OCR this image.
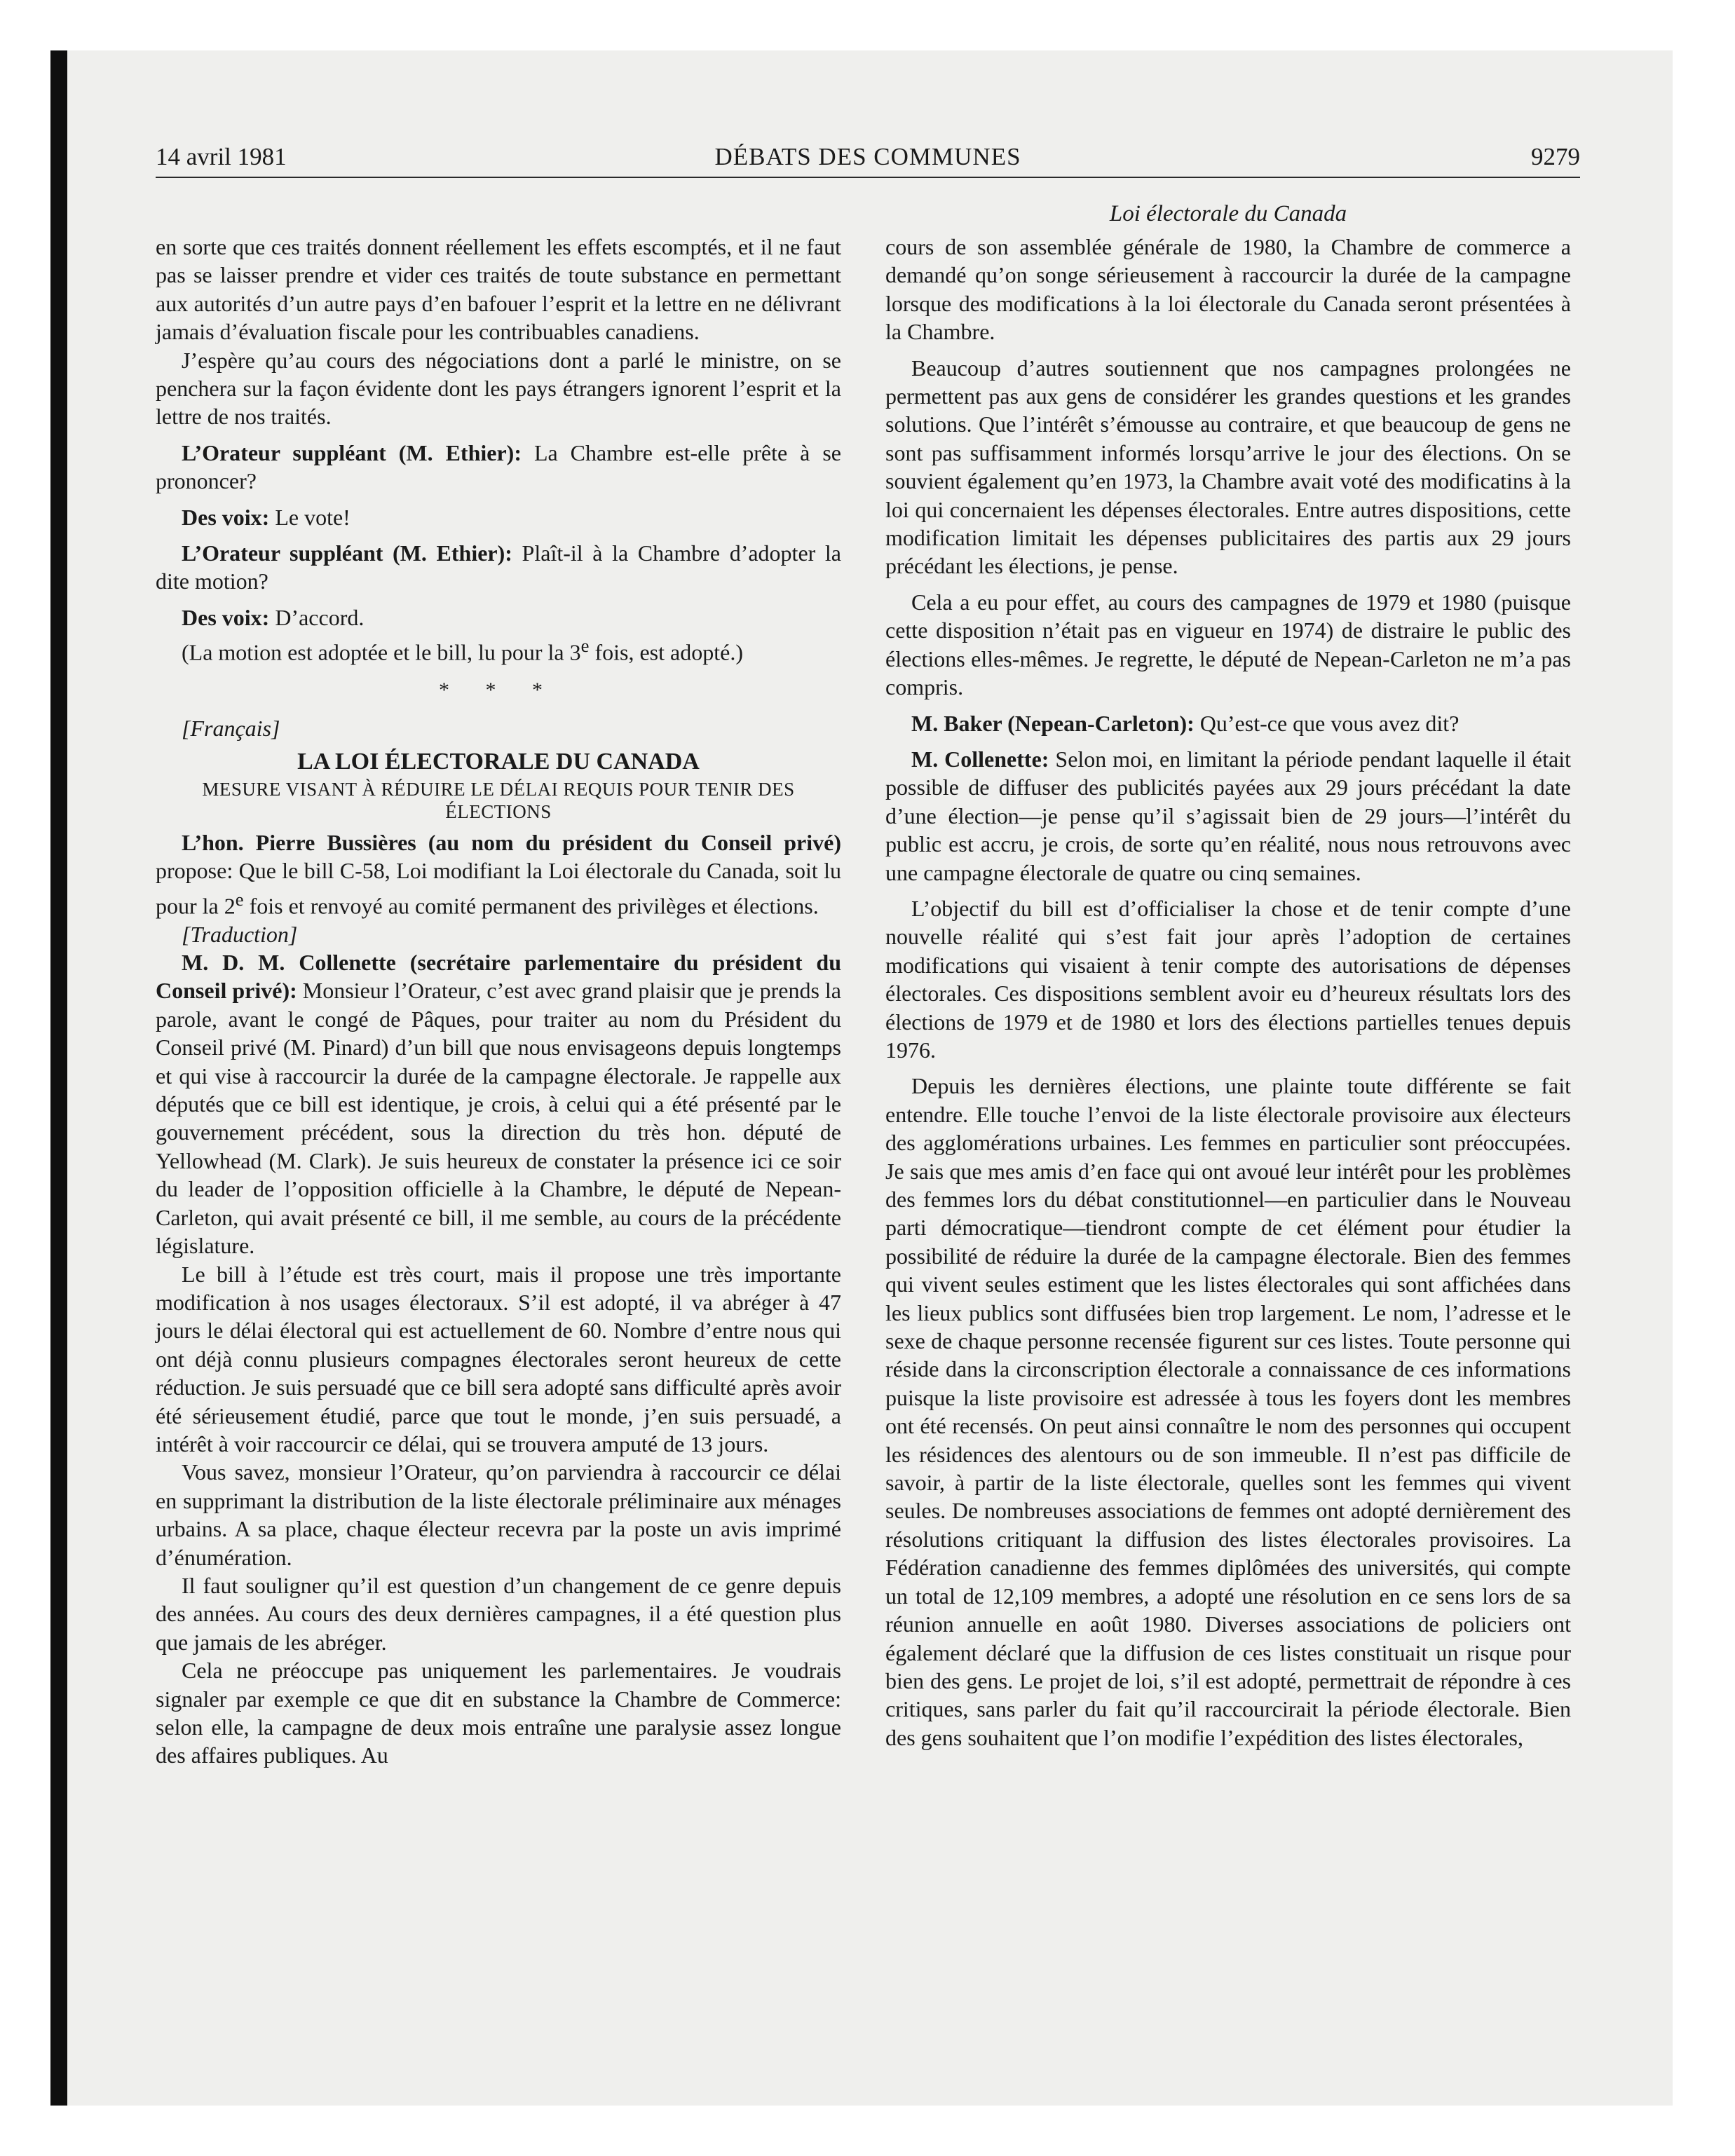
14 avril 1981	DÉBATS DES COMMUNES	9279

en sorte que ces traités donnent réellement les effets escomptés, et il ne faut pas se laisser prendre et vider ces traités de toute substance en permettant aux autorités d’un autre pays d’en bafouer l’esprit et la lettre en ne délivrant jamais d’évaluation fiscale pour les contribuables canadiens.

J’espère qu’au cours des négociations dont a parlé le ministre, on se penchera sur la façon évidente dont les pays étrangers ignorent l’esprit et la lettre de nos traités.

L’Orateur suppléant (M. Ethier): La Chambre est-elle prête à se prononcer?

Des voix: Le vote!

L’Orateur suppléant (M. Ethier): Plaît-il à la Chambre d’adopter la dite motion?

Des voix: D’accord.

(La motion est adoptée et le bill, lu pour la 3e fois, est adopté.)

* * *

[Français]

LA LOI ÉLECTORALE DU CANADA
MESURE VISANT À RÉDUIRE LE DÉLAI REQUIS POUR TENIR DES ÉLECTIONS

L’hon. Pierre Bussières (au nom du président du Conseil privé) propose: Que le bill C-58, Loi modifiant la Loi électorale du Canada, soit lu pour la 2e fois et renvoyé au comité permanent des privilèges et élections.

[Traduction]

M. D. M. Collenette (secrétaire parlementaire du président du Conseil privé): Monsieur l’Orateur, c’est avec grand plaisir que je prends la parole, avant le congé de Pâques, pour traiter au nom du Président du Conseil privé (M. Pinard) d’un bill que nous envisageons depuis longtemps et qui vise à raccourcir la durée de la campagne électorale. Je rappelle aux députés que ce bill est identique, je crois, à celui qui a été présenté par le gouvernement précédent, sous la direction du très hon. député de Yellowhead (M. Clark). Je suis heureux de constater la présence ici ce soir du leader de l’opposition officielle à la Chambre, le député de Nepean-Carleton, qui avait présenté ce bill, il me semble, au cours de la précédente législature.

Le bill à l’étude est très court, mais il propose une très importante modification à nos usages électoraux. S’il est adopté, il va abréger à 47 jours le délai électoral qui est actuellement de 60. Nombre d’entre nous qui ont déjà connu plusieurs compagnes électorales seront heureux de cette réduction. Je suis persuadé que ce bill sera adopté sans difficulté après avoir été sérieusement étudié, parce que tout le monde, j’en suis persuadé, a intérêt à voir raccourcir ce délai, qui se trouvera amputé de 13 jours.

Vous savez, monsieur l’Orateur, qu’on parviendra à raccourcir ce délai en supprimant la distribution de la liste électorale préliminaire aux ménages urbains. A sa place, chaque électeur recevra par la poste un avis imprimé d’énumération.

Il faut souligner qu’il est question d’un changement de ce genre depuis des années. Au cours des deux dernières campagnes, il a été question plus que jamais de les abréger.

Cela ne préoccupe pas uniquement les parlementaires. Je voudrais signaler par exemple ce que dit en substance la Chambre de Commerce: selon elle, la campagne de deux mois entraîne une paralysie assez longue des affaires publiques. Au

Loi électorale du Canada

cours de son assemblée générale de 1980, la Chambre de commerce a demandé qu’on songe sérieusement à raccourcir la durée de la campagne lorsque des modifications à la loi électorale du Canada seront présentées à la Chambre.

Beaucoup d’autres soutiennent que nos campagnes prolongées ne permettent pas aux gens de considérer les grandes questions et les grandes solutions. Que l’intérêt s’émousse au contraire, et que beaucoup de gens ne sont pas suffisamment informés lorsqu’arrive le jour des élections. On se souvient également qu’en 1973, la Chambre avait voté des modificatins à la loi qui concernaient les dépenses électorales. Entre autres dispositions, cette modification limitait les dépenses publicitaires des partis aux 29 jours précédant les élections, je pense.

Cela a eu pour effet, au cours des campagnes de 1979 et 1980 (puisque cette disposition n’était pas en vigueur en 1974) de distraire le public des élections elles-mêmes. Je regrette, le député de Nepean-Carleton ne m’a pas compris.

M. Baker (Nepean-Carleton): Qu’est-ce que vous avez dit?

M. Collenette: Selon moi, en limitant la période pendant laquelle il était possible de diffuser des publicités payées aux 29 jours précédant la date d’une élection—je pense qu’il s’agissait bien de 29 jours—l’intérêt du public est accru, je crois, de sorte qu’en réalité, nous nous retrouvons avec une campagne électorale de quatre ou cinq semaines.

L’objectif du bill est d’officialiser la chose et de tenir compte d’une nouvelle réalité qui s’est fait jour après l’adoption de certaines modifications qui visaient à tenir compte des autorisations de dépenses électorales. Ces dispositions semblent avoir eu d’heureux résultats lors des élections de 1979 et de 1980 et lors des élections partielles tenues depuis 1976.

Depuis les dernières élections, une plainte toute différente se fait entendre. Elle touche l’envoi de la liste électorale provisoire aux électeurs des agglomérations urbaines. Les femmes en particulier sont préoccupées. Je sais que mes amis d’en face qui ont avoué leur intérêt pour les problèmes des femmes lors du débat constitutionnel—en particulier dans le Nouveau parti démocratique—tiendront compte de cet élément pour étudier la possibilité de réduire la durée de la campagne électorale. Bien des femmes qui vivent seules estiment que les listes électorales qui sont affichées dans les lieux publics sont diffusées bien trop largement. Le nom, l’adresse et le sexe de chaque personne recensée figurent sur ces listes. Toute personne qui réside dans la circonscription électorale a connaissance de ces informations puisque la liste provisoire est adressée à tous les foyers dont les membres ont été recensés. On peut ainsi connaître le nom des personnes qui occupent les résidences des alentours ou de son immeuble. Il n’est pas difficile de savoir, à partir de la liste électorale, quelles sont les femmes qui vivent seules. De nombreuses associations de femmes ont adopté dernièrement des résolutions critiquant la diffusion des listes électorales provisoires. La Fédération canadienne des femmes diplômées des universités, qui compte un total de 12,109 membres, a adopté une résolution en ce sens lors de sa réunion annuelle en août 1980. Diverses associations de policiers ont également déclaré que la diffusion de ces listes constituait un risque pour bien des gens. Le projet de loi, s’il est adopté, permettrait de répondre à ces critiques, sans parler du fait qu’il raccourcirait la période électorale. Bien des gens souhaitent que l’on modifie l’expédition des listes électorales,
